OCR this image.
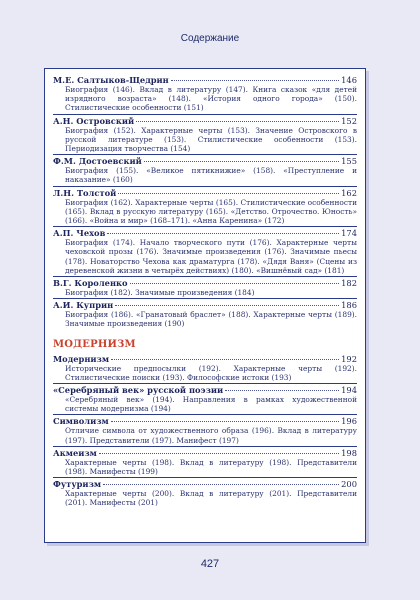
Содержание
М.Е. Салтыков-Щедрин	146
Биография (146). Вклад в литературу (147). Книга сказок «для детей изрядного возраста» (148). «История одного города» (150). Стилистические особенности (151)
А.Н. Островский	152
Биография (152). Характерные черты (153). Значение Островского в русской литературе (153). Стилистические особенности (153). Периодизация творчества (154)
Ф.М. Достоевский	155
Биография (155). «Великое пятикнижие» (158). «Преступление и наказание» (160)
Л.Н. Толстой	162
Биография (162). Характерные черты (165). Стилистические особенности (165). Вклад в русскую литературу (165). «Детство. Отрочество. Юность» (166). «Война и мир» (168–171). «Анна Каренина» (172)
А.П. Чехов	174
Биография (174). Начало творческого пути (176). Характерные черты чеховской прозы (176). Значимые произведения (176). Значимые пьесы (178). Новаторство Чехова как драматурга (178). «Дядя Ваня» (Сцены из деревенской жизни в четырёх действиях) (180). «Вишнёвый сад» (181)
В.Г. Короленко	182
Биография (182). Значимые произведения (184)
А.И. Куприн	186
Биография (186). «Гранатовый браслет» (188). Характерные черты (189). Значимые произведения (190)
МОДЕРНИЗМ
Модернизм	192
Исторические предпосылки (192). Характерные черты (192). Стилистические поиски (193). Философские истоки (193)
«Серебряный век» русской поэзии	194
«Серебряный век» (194). Направления в рамках художественной системы модернизма (194)
Символизм	196
Отличие символа от художественного образа (196). Вклад в литературу (197). Представители (197). Манифест (197)
Акмеизм	198
Характерные черты (198). Вклад в литературу (198). Представители (198). Манифесты (199)
Футуризм	200
Характерные черты (200). Вклад в литературу (201). Представители (201). Манифесты (201)
427
